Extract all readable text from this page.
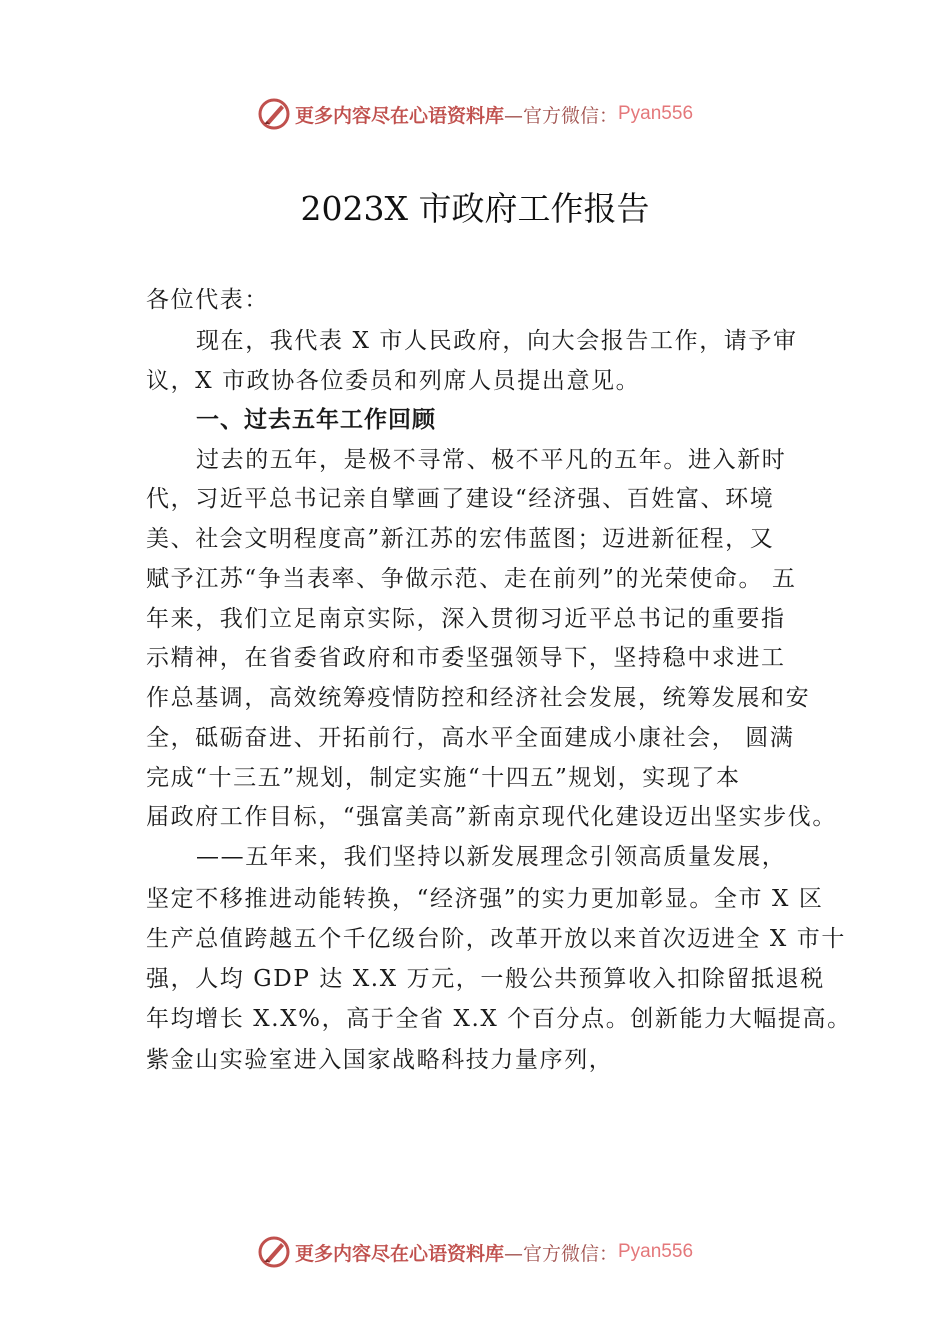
更多内容尽在心语资料库 —官方微信： Pyan556
2023X 市政府工作报告
各位代表：
现在，我代表 X 市人民政府，向大会报告工作，请予审
议，X 市政协各位委员和列席人员提出意见。
一、过去五年工作回顾
过去的五年，是极不寻常、极不平凡的五年。进入新时
代，习近平总书记亲自擘画了建设“经济强、百姓富、环境
美、社会文明程度高”新江苏的宏伟蓝图；迈进新征程，又
赋予江苏“争当表率、争做示范、走在前列”的光荣使命。 五
年来，我们立足南京实际，深入贯彻习近平总书记的重要指
示精神，在省委省政府和市委坚强领导下，坚持稳中求进工
作总基调，高效统筹疫情防控和经济社会发展，统筹发展和安
全，砥砺奋进、开拓前行，高水平全面建成小康社会， 圆满
完成“十三五”规划，制定实施“十四五”规划，实现了本
届政府工作目标，“强富美高”新南京现代化建设迈出坚实步伐。
——五年来，我们坚持以新发展理念引领高质量发展，
坚定不移推进动能转换，“经济强”的实力更加彰显。全市 X 区
生产总值跨越五个千亿级台阶，改革开放以来首次迈进全 X 市十
强，人均 GDP 达 X.X 万元，一般公共预算收入扣除留抵退税
年均增长 X.X%，高于全省 X.X 个百分点。创新能力大幅提高。
紫金山实验室进入国家战略科技力量序列，
更多内容尽在心语资料库 —官方微信： Pyan556
